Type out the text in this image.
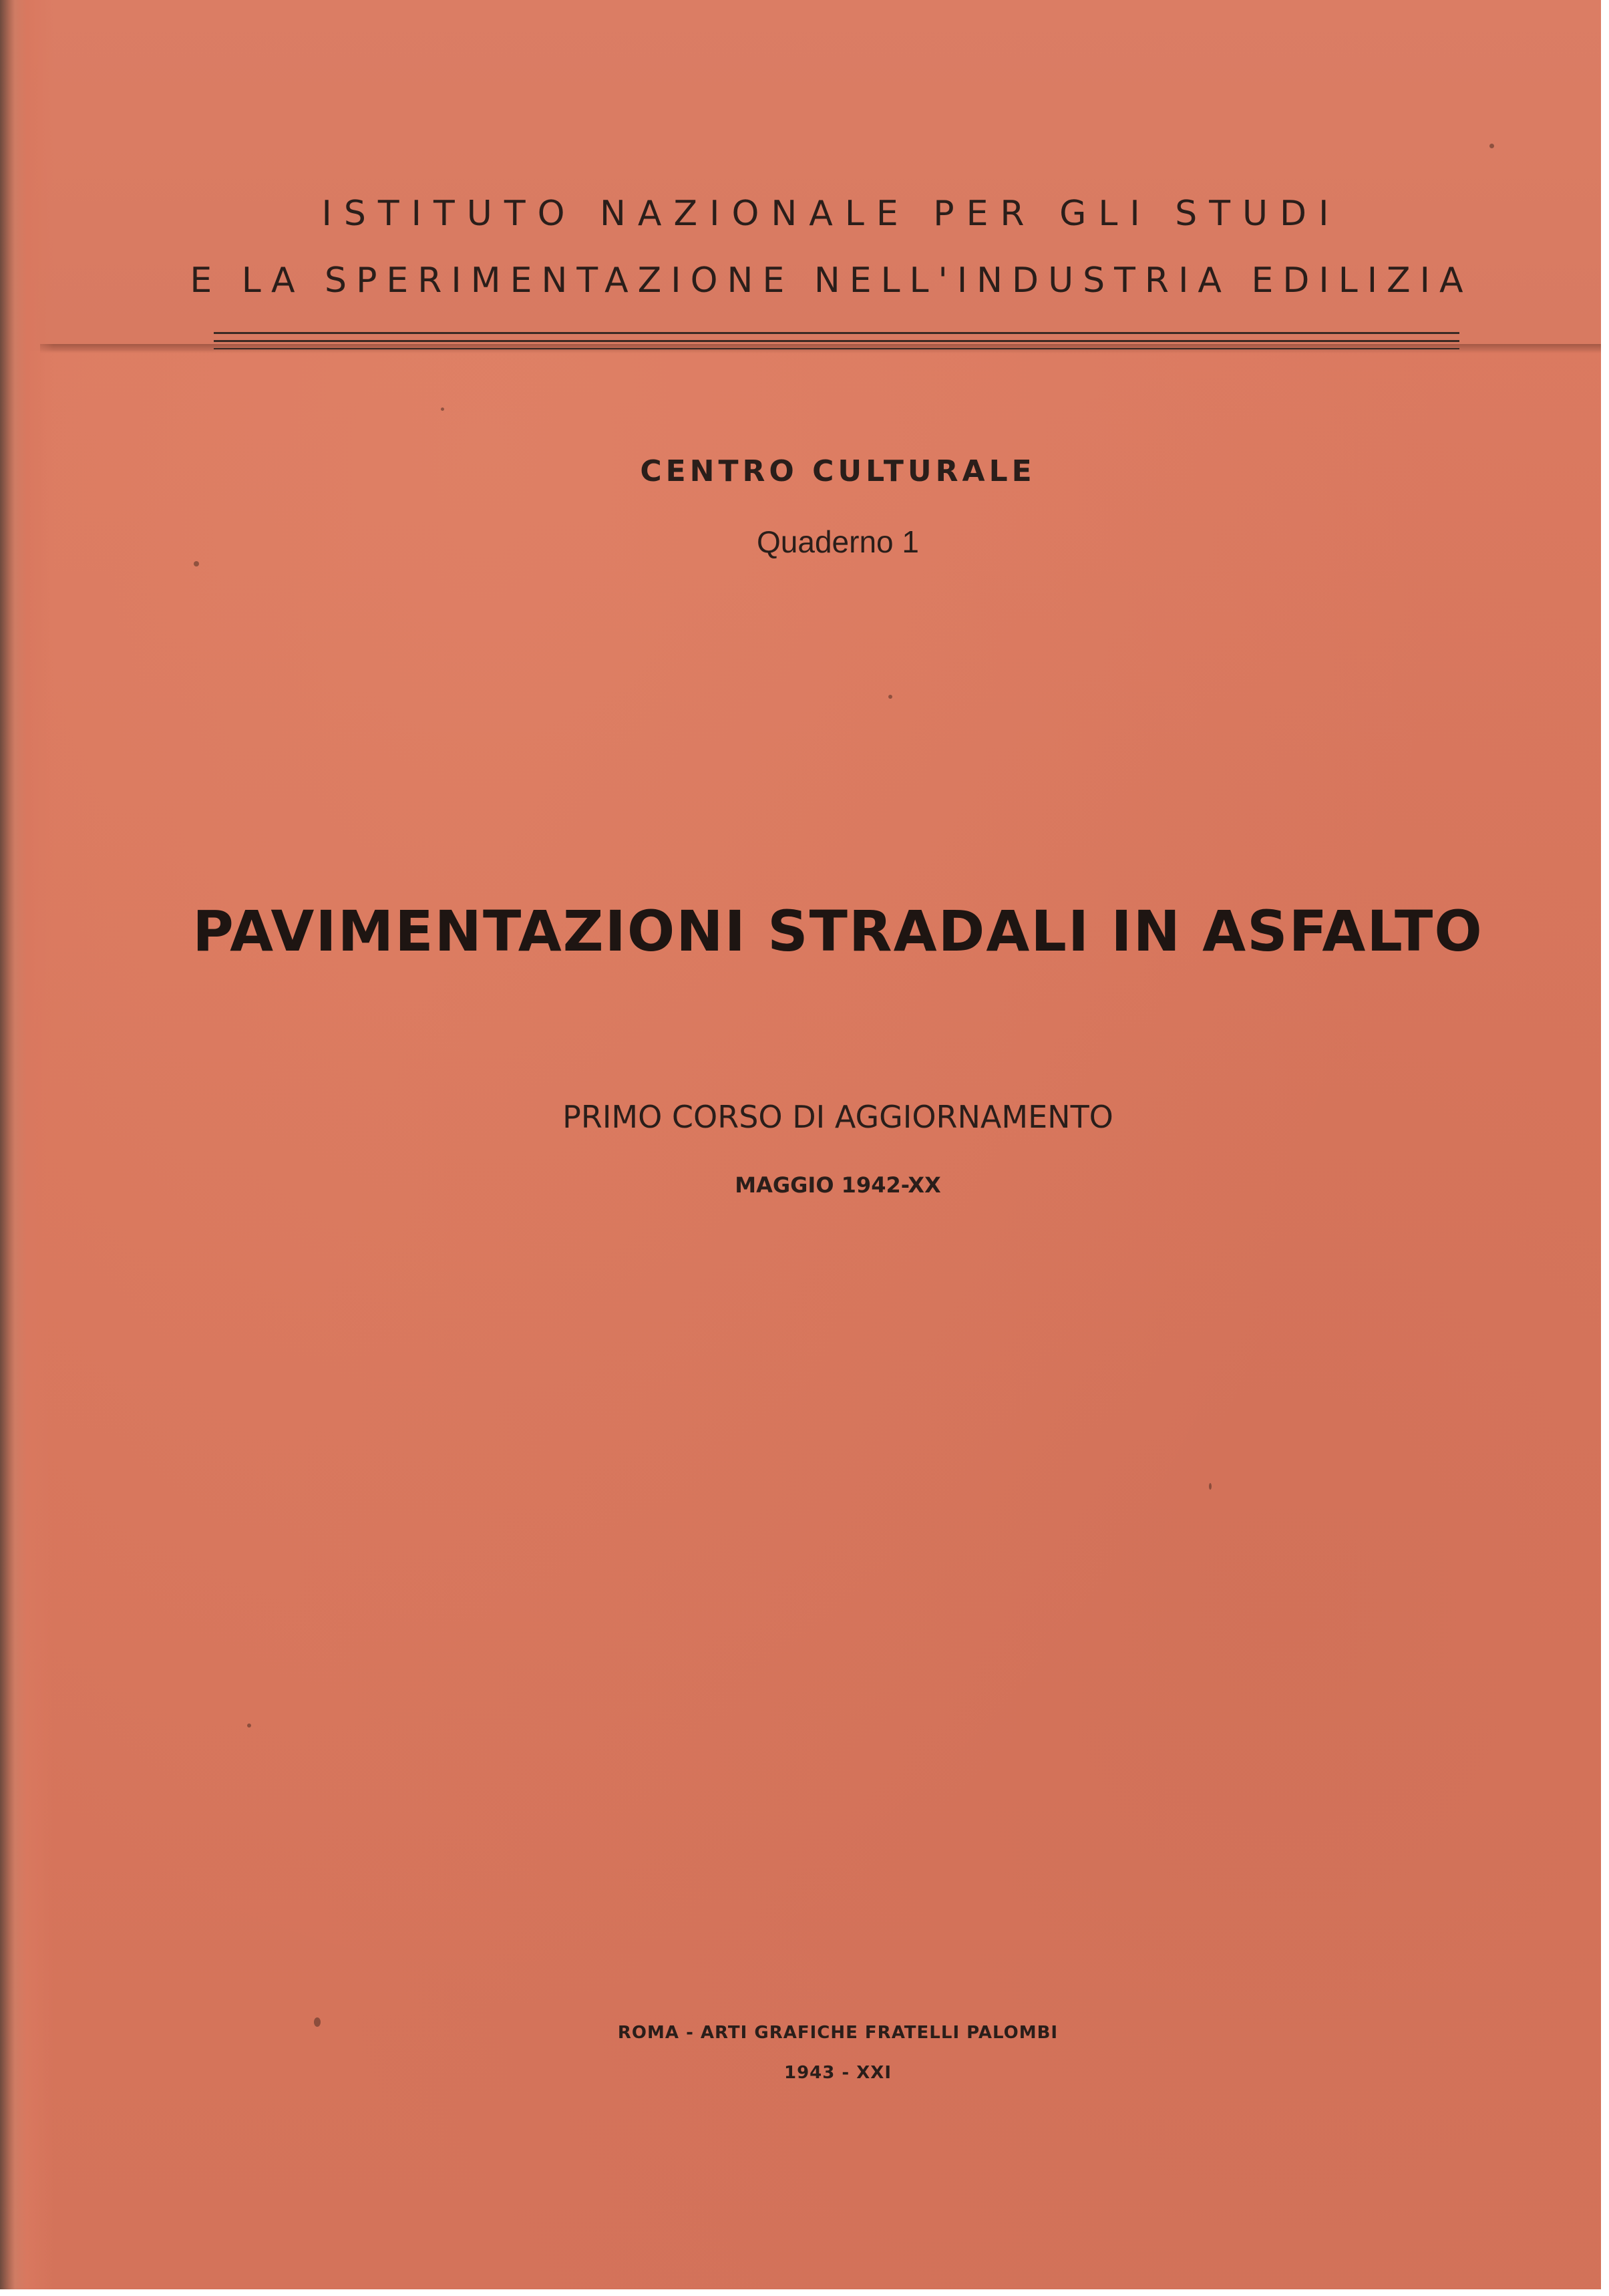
ISTITUTO NAZIONALE PER GLI STUDI
E LA SPERIMENTAZIONE NELL'INDUSTRIA EDILIZIA
CENTRO CULTURALE
Quaderno 1
PAVIMENTAZIONI STRADALI IN ASFALTO
PRIMO CORSO DI AGGIORNAMENTO
MAGGIO 1942-XX
ROMA - ARTI GRAFICHE FRATELLI PALOMBI
1943 - XXI
